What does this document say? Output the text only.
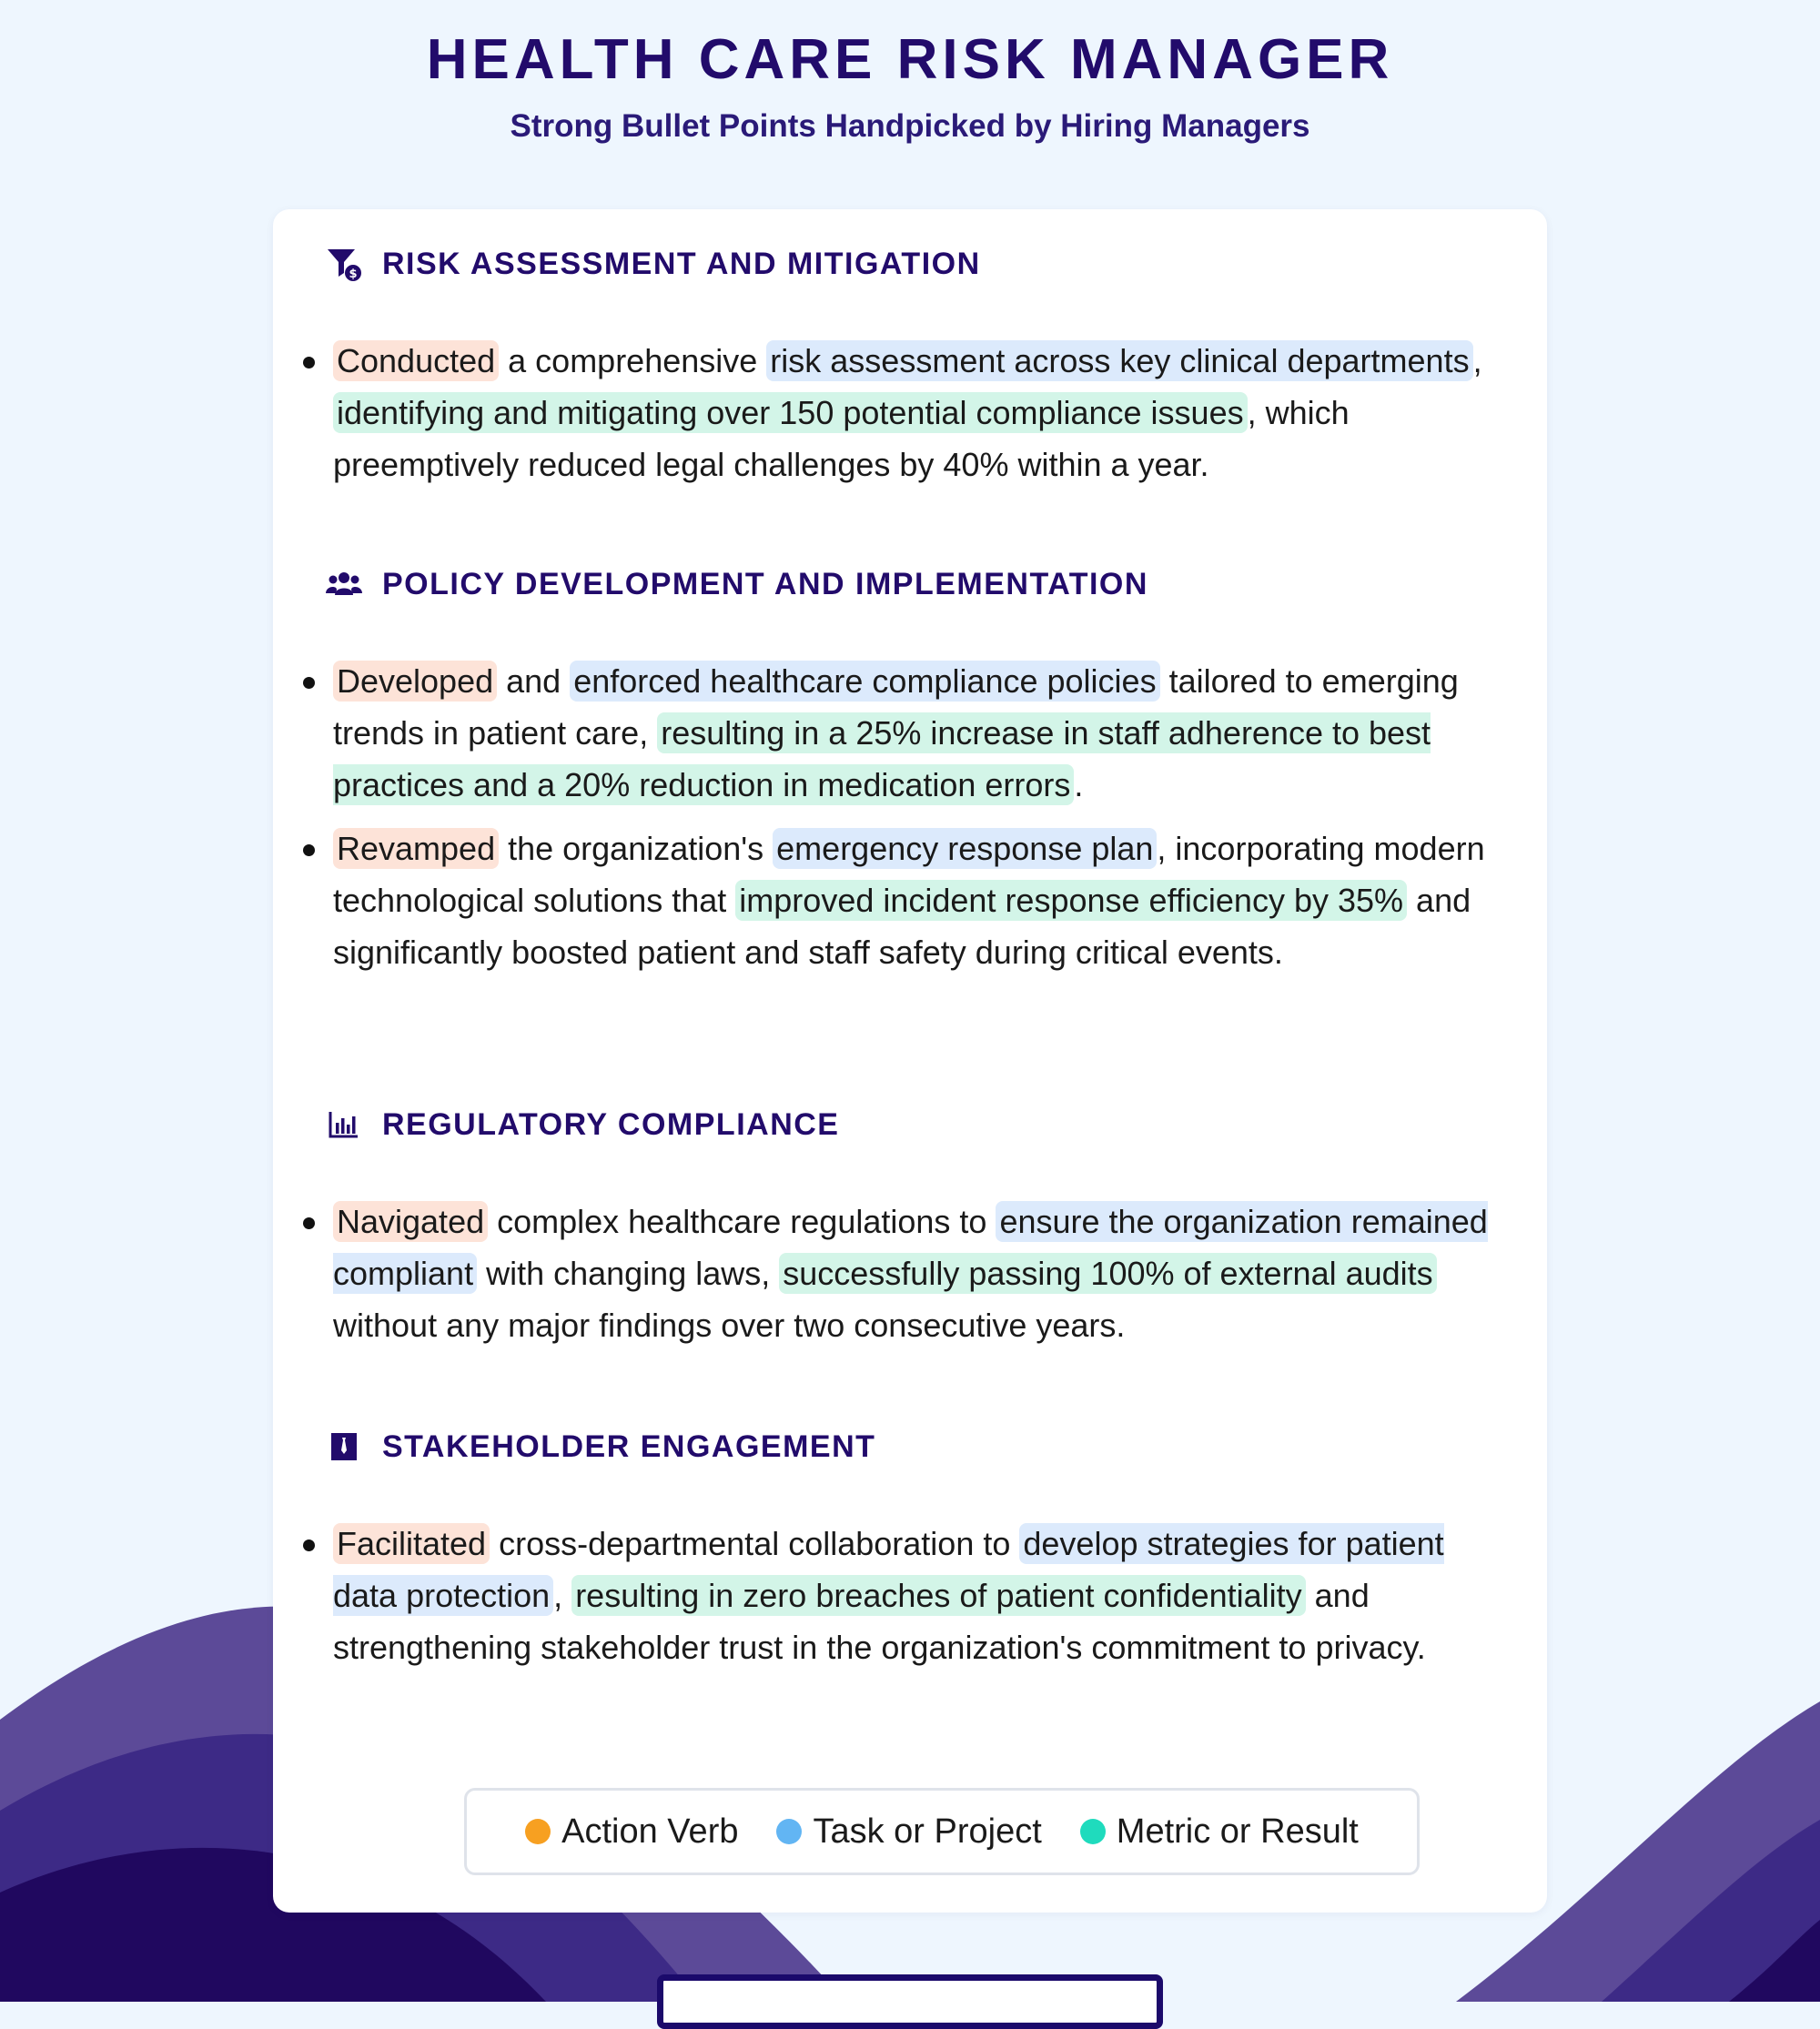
HEALTH CARE RISK MANAGER
Strong Bullet Points Handpicked by Hiring Managers
$ RISK ASSESSMENT AND MITIGATION
Conducted a comprehensive risk assessment across key clinical departments , identifying and mitigating over 150 potential compliance issues , which preemptively reduced legal challenges by 40% within a year.
POLICY DEVELOPMENT AND IMPLEMENTATION
Developed and enforced healthcare compliance policies tailored to emerging trends in patient care, resulting in a 25% increase in staff adherence to best practices and a 20% reduction in medication errors .
Revamped the organization's emergency response plan , incorporating modern technological solutions that improved incident response efficiency by 35% and significantly boosted patient and staff safety during critical events.
REGULATORY COMPLIANCE
Navigated complex healthcare regulations to ensure the organization remained compliant with changing laws, successfully passing 100% of external audits without any major findings over two consecutive years.
STAKEHOLDER ENGAGEMENT
Facilitated cross-departmental collaboration to develop strategies for patient data protection , resulting in zero breaches of patient confidentiality and strengthening stakeholder trust in the organization's commitment to privacy.
Action Verb Task or Project Metric or Result
